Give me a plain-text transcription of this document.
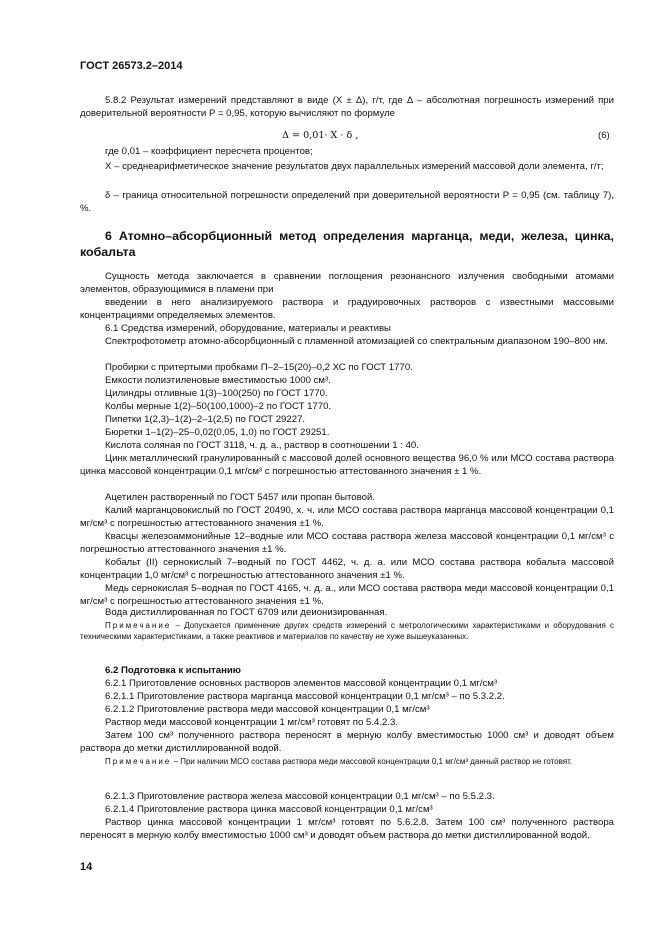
ГОСТ 26573.2–2014
5.8.2 Результат измерений представляют в виде (X ± Δ), г/т, где Δ – абсолютная погрешность измерений при доверительной вероятности P = 0,95, которую вычисляют по формуле
Δ = 0,01· X · δ ,	(6)
где 0,01 – коэффициент пересчета процентов;
X – среднеарифметическое значение результатов двух параллельных измерений массовой доли элемента, г/т;
δ – граница относительной погрешности определений при доверительной вероятности P = 0,95 (см. таблицу 7), %.
6 Атомно–абсорбционный метод определения марганца, меди, железа, цинка, кобальта
Сущность метода заключается в сравнении поглощения резонансного излучения свободными атомами элементов, образующимися в пламени при
введении в него анализируемого раствора и градуировочных растворов с известными массовыми концентрациями определяемых элементов.
6.1 Средства измерений, оборудование, материалы и реактивы
Спектрофотометр атомно-абсорбционный с пламенной атомизацией со спектральным диапазоном 190–800 нм.
Пробирки с притертыми пробками П–2–15(20)–0,2 ХС по ГОСТ 1770.
Емкости полиэтиленовые вместимостью 1000 см³.
Цилиндры отливные 1(3)–100(250) по ГОСТ 1770.
Колбы мерные 1(2)–50(100,1000)–2 по ГОСТ 1770.
Пипетки 1(2,3)–1(2)–2–1(2,5) по ГОСТ 29227.
Бюретки 1–1(2)–25–0,02(0,05, 1,0) по ГОСТ 29251.
Кислота соляная по ГОСТ 3118, ч. д. а., раствор в соотношении 1 : 40.
Цинк металлический гранулированный с массовой долей основного вещества 96,0 % или МСО состава раствора цинка массовой концентрации 0,1 мг/см³ с погрешностью аттестованного значения ± 1 %.
Ацетилен растворенный по ГОСТ 5457 или пропан бытовой.
Калий марганцовокислый по ГОСТ 20490, х. ч. или МСО состава раствора марганца массовой концентрации 0,1 мг/см³ с погрешностью аттестованного значения ±1 %.
Квасцы железоаммонийные 12–водные или МСО состава раствора железа массовой концентрации 0,1 мг/см³ с погрешностью аттестованного значения ±1 %.
Кобальт (II) сернокислый 7–водный по ГОСТ 4462, ч. д. а. или МСО состава раствора кобальта массовой концентрации 1,0 мг/см³ с погрешностью аттестованного значения ±1 %.
Медь сернокислая 5–водная по ГОСТ 4165, ч. д. а., или МСО состава раствора меди массовой концентрации 0,1 мг/см³ с погрешностью аттестованного значения ±1 %.
Вода дистиллированная по ГОСТ 6709 или деионизированная.
Примечание – Допускается применение других средств измерений с метрологическими характеристиками и оборудования с техническими характеристиками, а также реактивов и материалов по качеству не хуже вышеуказанных.
6.2 Подготовка к испытанию
6.2.1 Приготовление основных растворов элементов массовой концентрации 0,1 мг/см³
6.2.1.1 Приготовление раствора марганца массовой концентрации 0,1 мг/см³ – по 5.3.2.2.
6.2.1.2 Приготовление раствора меди массовой концентрации 0,1 мг/см³
Раствор меди массовой концентрации 1 мг/см³ готовят по 5.4.2.3.
Затем 100 см³ полученного раствора переносят в мерную колбу вместимостью 1000 см³ и доводят объем раствора до метки дистиллированной водой.
Примечание – При наличии МСО состава раствора меди массовой концентрации 0,1 мг/см³ данный раствор не готовят.
6.2.1.3 Приготовление раствора железа массовой концентрации 0,1 мг/см³ – по 5.5.2.3.
6.2.1.4 Приготовление раствора цинка массовой концентрации 0,1 мг/см³
Раствор цинка массовой концентрации 1 мг/см³ готовят по 5.6.2.8. Затем 100 см³ полученного раствора переносят в мерную колбу вместимостью 1000 см³ и доводят объем раствора до метки дистиллированной водой.
14
